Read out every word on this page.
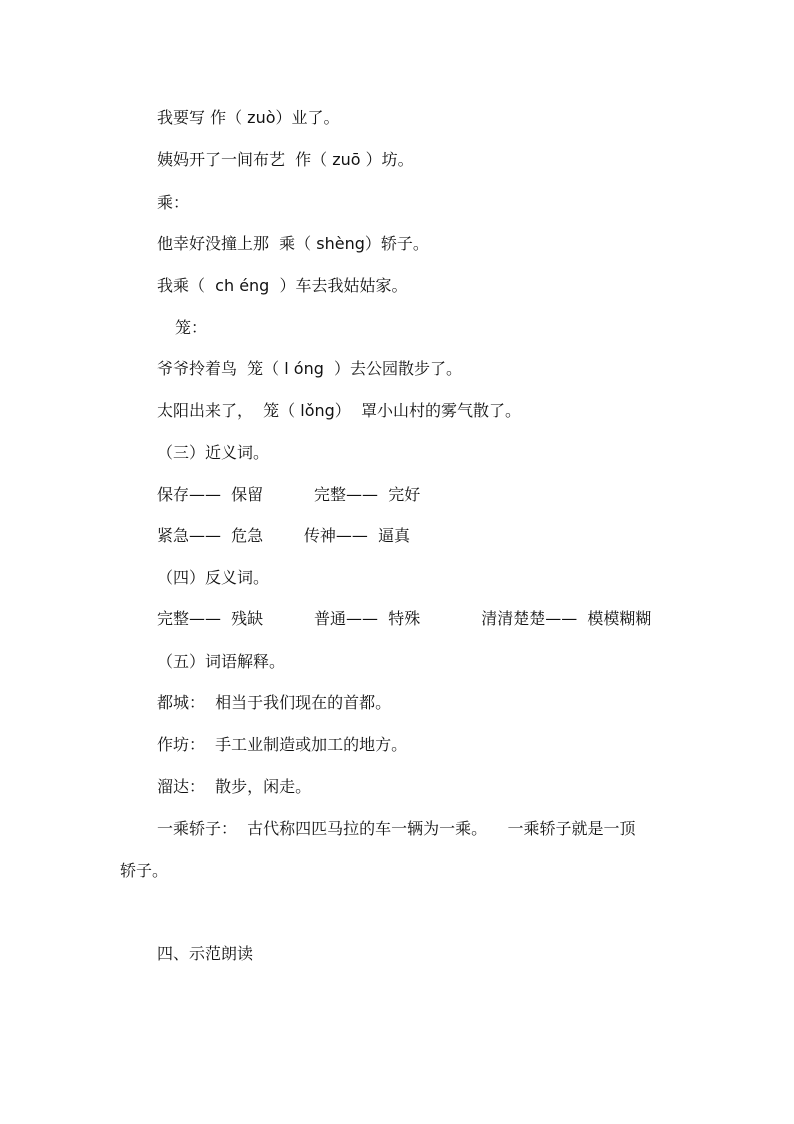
我要写 作（ zuò）业了。

姨妈开了一间布艺  作（ zuō ）坊。

乘：

他幸好没撞上那  乘（ shèng）轿子。

我乘（  ch éng  ）车去我姑姑家。

笼：

爷爷拎着鸟  笼（ l óng  ）去公园散步了。

太阳出来了，  笼（ lǒng）  罩小山村的雾气散了。

（三）近义词。

保存——  保留          完整——  完好

紧急——  危急        传神——  逼真

（四）反义词。

完整——  残缺          普通——  特殊            清清楚楚——  模模糊糊

（五）词语解释。

都城：  相当于我们现在的首都。

作坊：  手工业制造或加工的地方。

溜达：  散步，闲走。

一乘轿子：  古代称四匹马拉的车一辆为一乘。    一乘轿子就是一顶

轿子。

四、示范朗读
